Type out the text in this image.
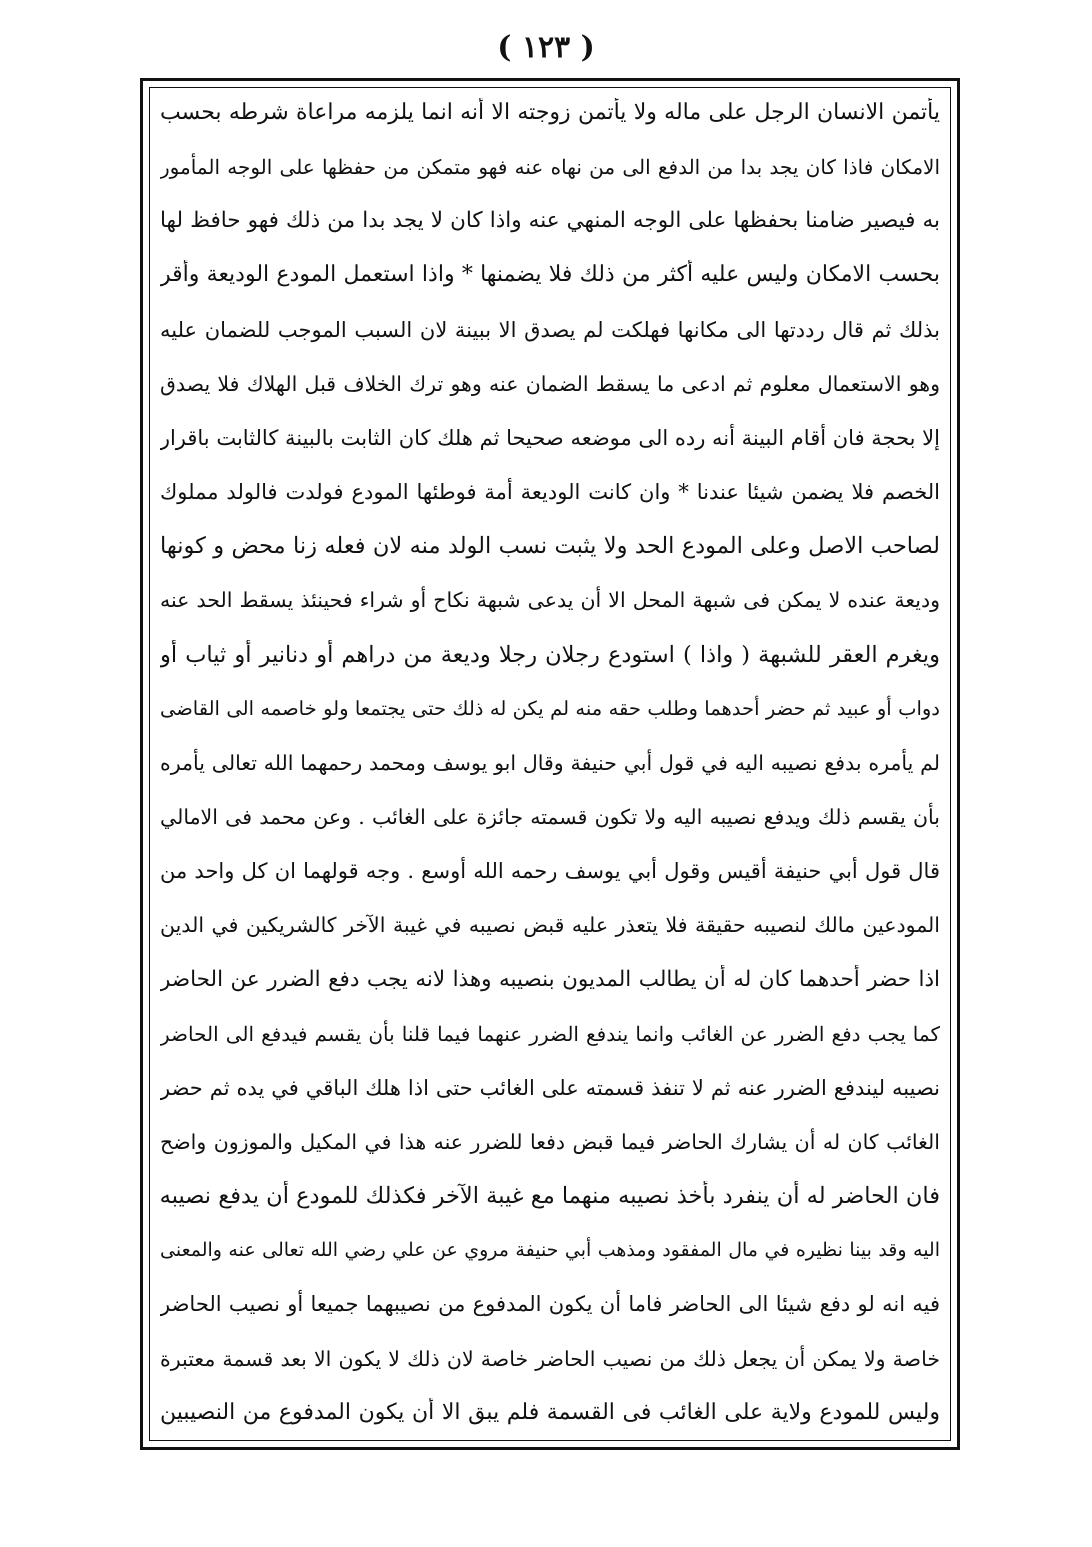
( ١٢٣ )
يأتمن الانسان الرجل على ماله ولا يأتمن زوجته الا أنه انما يلزمه مراعاة شرطه بحسب
الامكان فاذا كان يجد بدا من الدفع الى من نهاه عنه فهو متمكن من حفظها على الوجه المأمور
به فيصير ضامنا بحفظها على الوجه المنهي عنه واذا كان لا يجد بدا من ذلك فهو حافظ لها
بحسب الامكان وليس عليه أكثر من ذلك فلا يضمنها * واذا استعمل المودع الوديعة وأقر
بذلك ثم قال رددتها الى مكانها فهلكت لم يصدق الا ببينة لان السبب الموجب للضمان عليه
وهو الاستعمال معلوم ثم ادعى ما يسقط الضمان عنه وهو ترك الخلاف قبل الهلاك فلا يصدق
إلا بحجة فان أقام البينة أنه رده الى موضعه صحيحا ثم هلك كان الثابت بالبينة كالثابت باقرار
الخصم فلا يضمن شيئا عندنا * وان كانت الوديعة أمة فوطئها المودع فولدت فالولد مملوك
لصاحب الاصل وعلى المودع الحد ولا يثبت نسب الولد منه لان فعله زنا محض و كونها
وديعة عنده لا يمكن فى شبهة المحل الا أن يدعى شبهة نكاح أو شراء فحينئذ يسقط الحد عنه
ويغرم العقر للشبهة ( واذا ) استودع رجلان رجلا وديعة من دراهم أو دنانير أو ثياب أو
دواب أو عبيد ثم حضر أحدهما وطلب حقه منه لم يكن له ذلك حتى يجتمعا ولو خاصمه الى القاضى
لم يأمره بدفع نصيبه اليه في قول أبي حنيفة وقال ابو يوسف ومحمد رحمهما الله تعالى يأمره
بأن يقسم ذلك ويدفع نصيبه اليه ولا تكون قسمته جائزة على الغائب . وعن محمد فى الامالي
قال قول أبي حنيفة أقيس وقول أبي يوسف رحمه الله أوسع . وجه قولهما ان كل واحد من
المودعين مالك لنصيبه حقيقة فلا يتعذر عليه قبض نصيبه في غيبة الآخر كالشريكين في الدين
اذا حضر أحدهما كان له أن يطالب المديون بنصيبه وهذا لانه يجب دفع الضرر عن الحاضر
كما يجب دفع الضرر عن الغائب وانما يندفع الضرر عنهما فيما قلنا بأن يقسم فيدفع الى الحاضر
نصيبه ليندفع الضرر عنه ثم لا تنفذ قسمته على الغائب حتى اذا هلك الباقي في يده ثم حضر
الغائب كان له أن يشارك الحاضر فيما قبض دفعا للضرر عنه هذا في المكيل والموزون واضح
فان الحاضر له أن ينفرد بأخذ نصيبه منهما مع غيبة الآخر فكذلك للمودع أن يدفع نصيبه
اليه وقد بينا نظيره في مال المفقود ومذهب أبي حنيفة مروي عن علي رضي الله تعالى عنه والمعنى
فيه انه لو دفع شيئا الى الحاضر فاما أن يكون المدفوع من نصيبهما جميعا أو نصيب الحاضر
خاصة ولا يمكن أن يجعل ذلك من نصيب الحاضر خاصة لان ذلك لا يكون الا بعد قسمة معتبرة
وليس للمودع ولاية على الغائب فى القسمة فلم يبق الا أن يكون المدفوع من النصيبين
